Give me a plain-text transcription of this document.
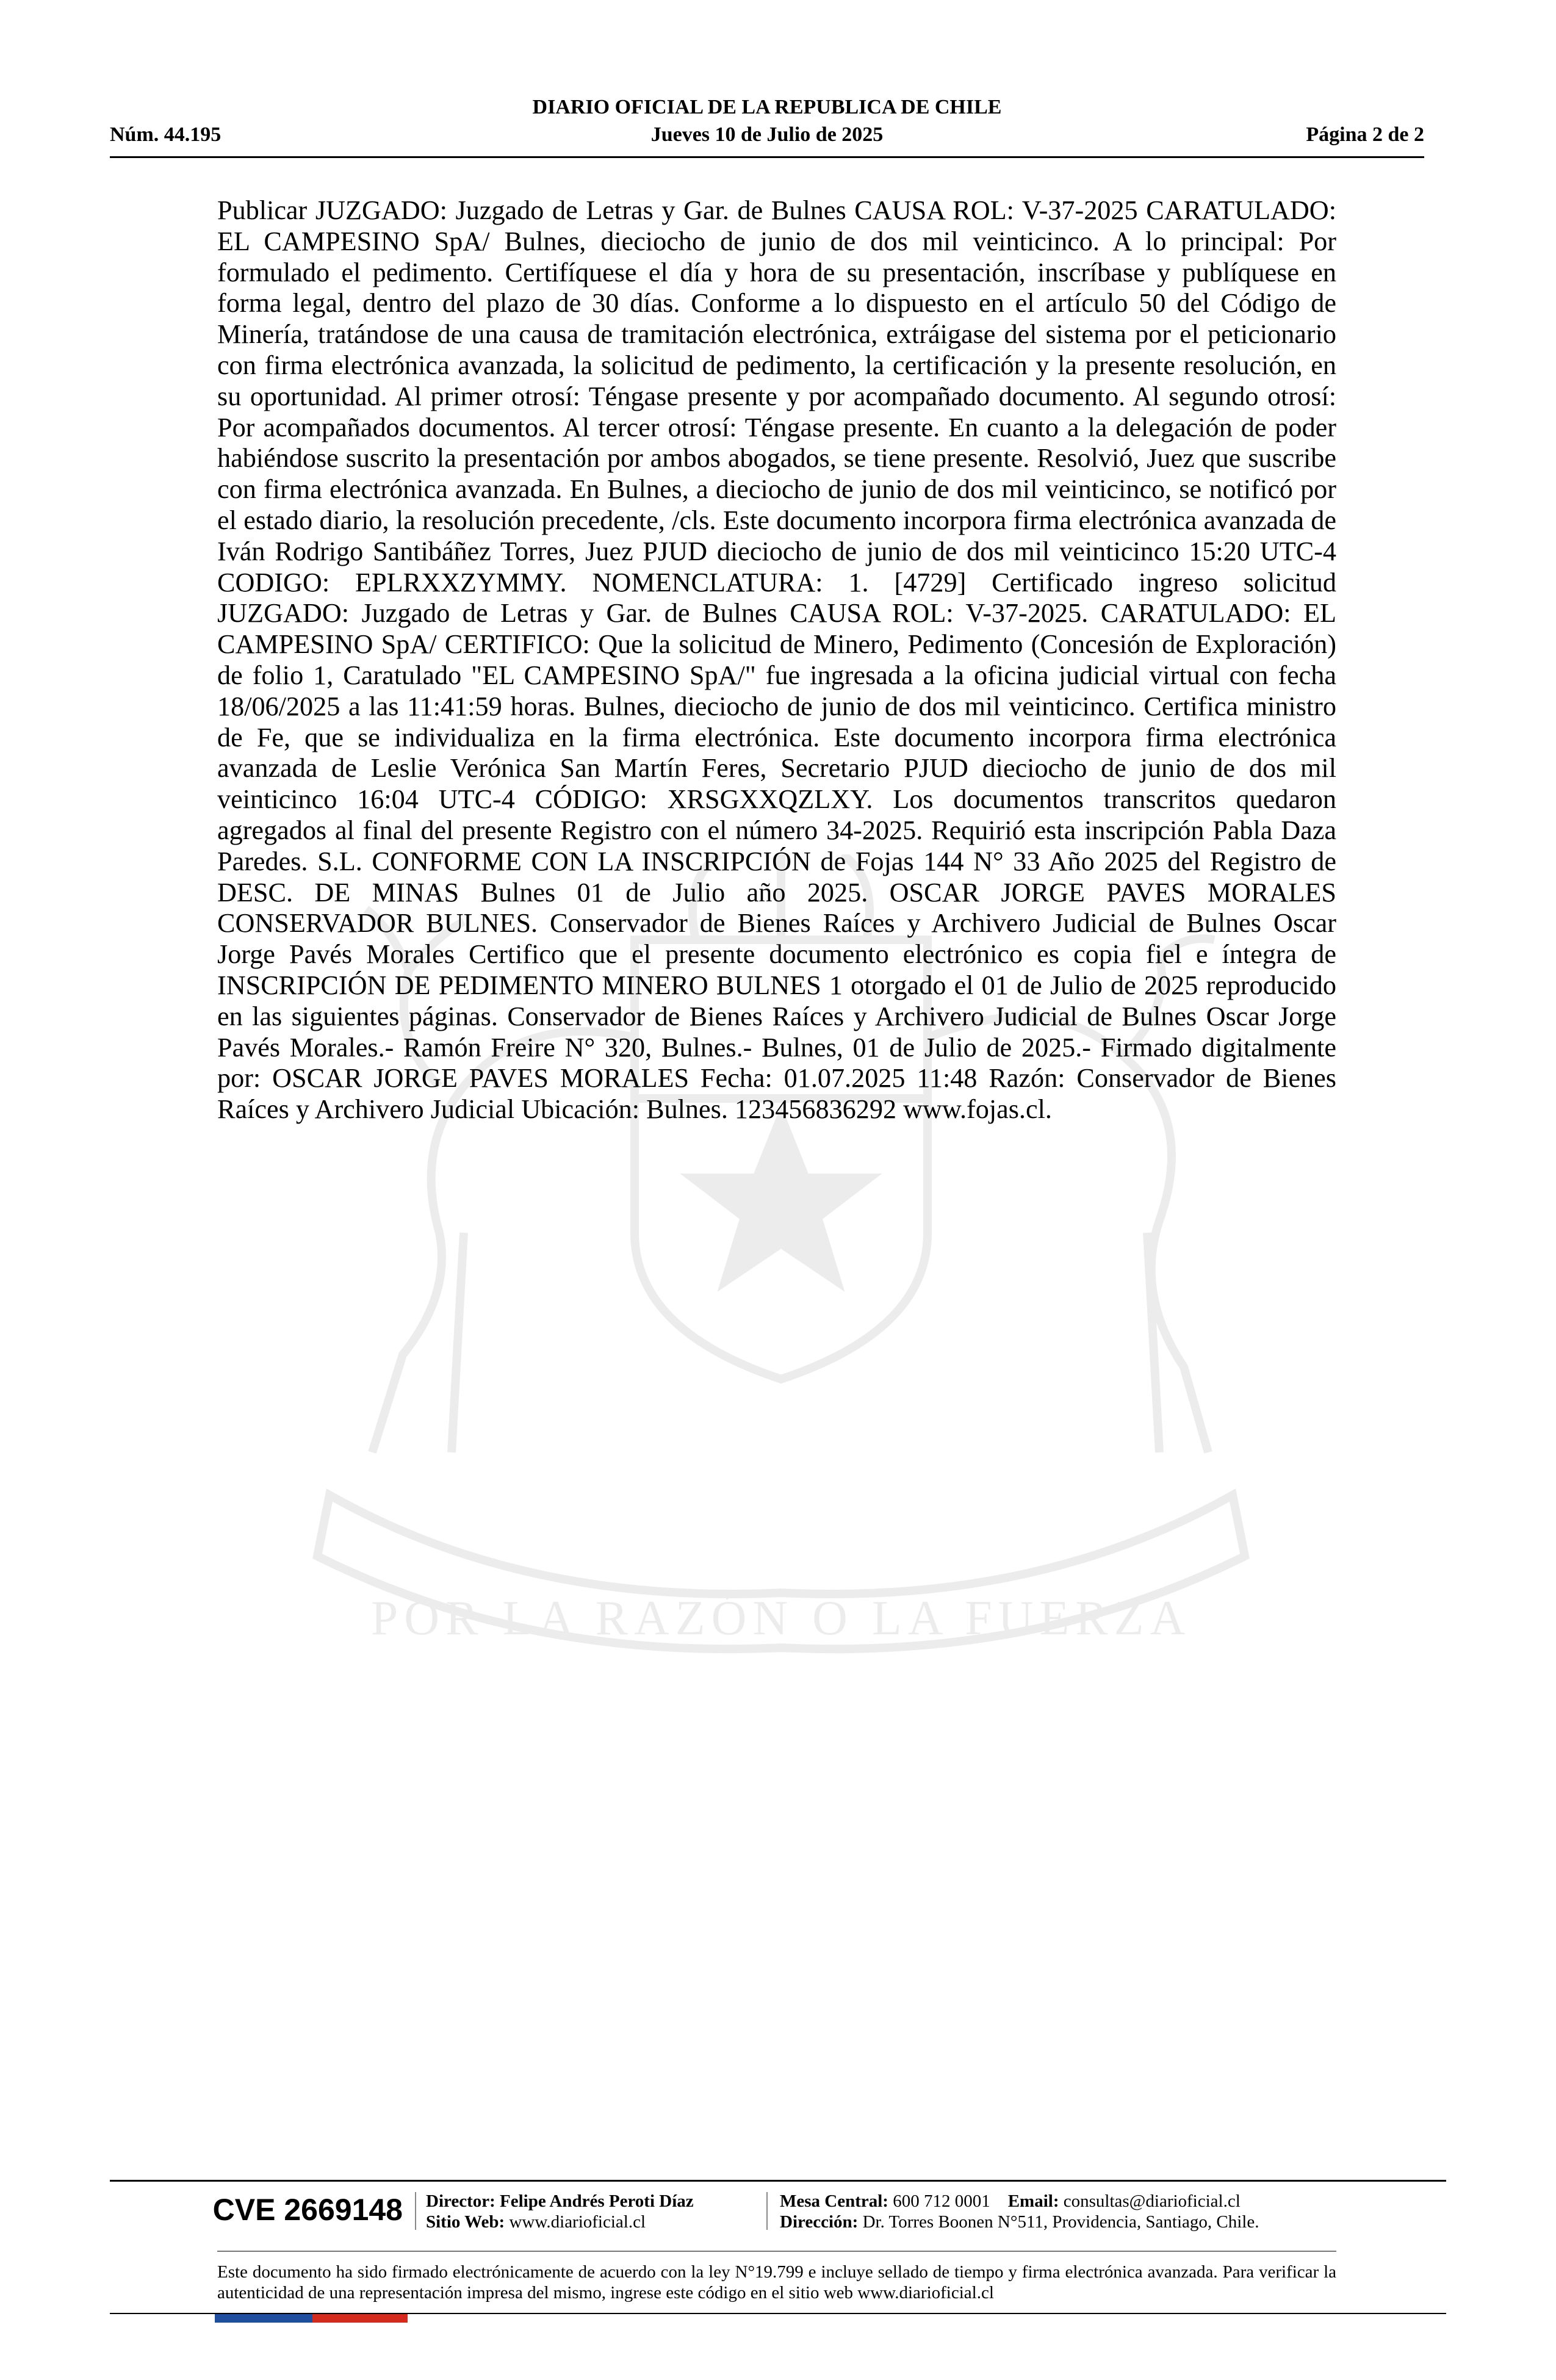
DIARIO OFICIAL DE LA REPUBLICA DE CHILE
Núm. 44.195	Jueves 10 de Julio de 2025	Página 2 de 2
POR LA RAZÓN O LA FUERZA
Publicar JUZGADO: Juzgado de Letras y Gar. de Bulnes CAUSA ROL: V-37-2025 CARATULADO: EL CAMPESINO SpA/ Bulnes, dieciocho de junio de dos mil veinticinco. A lo principal: Por formulado el pedimento. Certifíquese el día y hora de su presentación, inscríbase y publíquese en forma legal, dentro del plazo de 30 días. Conforme a lo dispuesto en el artículo 50 del Código de Minería, tratándose de una causa de tramitación electrónica, extráigase del sistema por el peticionario con firma electrónica avanzada, la solicitud de pedimento, la certificación y la presente resolución, en su oportunidad. Al primer otrosí: Téngase presente y por acompañado documento. Al segundo otrosí: Por acompañados documentos. Al tercer otrosí: Téngase presente. En cuanto a la delegación de poder habiéndose suscrito la presentación por ambos abogados, se tiene presente. Resolvió, Juez que suscribe con firma electrónica avanzada. En Bulnes, a dieciocho de junio de dos mil veinticinco, se notificó por el estado diario, la resolución precedente, /cls. Este documento incorpora firma electrónica avanzada de Iván Rodrigo Santibáñez Torres, Juez PJUD dieciocho de junio de dos mil veinticinco 15:20 UTC-4 CODIGO: EPLRXXZYMMY. NOMENCLATURA: 1. [4729] Certificado ingreso solicitud JUZGADO: Juzgado de Letras y Gar. de Bulnes CAUSA ROL: V-37-2025. CARATULADO: EL CAMPESINO SpA/ CERTIFICO: Que la solicitud de Minero, Pedimento (Concesión de Exploración) de folio 1, Caratulado "EL CAMPESINO SpA/" fue ingresada a la oficina judicial virtual con fecha 18/06/2025 a las 11:41:59 horas. Bulnes, dieciocho de junio de dos mil veinticinco. Certifica ministro de Fe, que se individualiza en la firma electrónica. Este documento incorpora firma electrónica avanzada de Leslie Verónica San Martín Feres, Secretario PJUD dieciocho de junio de dos mil veinticinco 16:04 UTC-4 CÓDIGO: XRSGXXQZLXY. Los documentos transcritos quedaron agregados al final del presente Registro con el número 34-2025. Requirió esta inscripción Pabla Daza Paredes. S.L. CONFORME CON LA INSCRIPCIÓN de Fojas 144 N° 33 Año 2025 del Registro de DESC. DE MINAS Bulnes 01 de Julio año 2025. OSCAR JORGE PAVES MORALES CONSERVADOR BULNES. Conservador de Bienes Raíces y Archivero Judicial de Bulnes Oscar Jorge Pavés Morales Certifico que el presente documento electrónico es copia fiel e íntegra de INSCRIPCIÓN DE PEDIMENTO MINERO BULNES 1 otorgado el 01 de Julio de 2025 reproducido en las siguientes páginas. Conservador de Bienes Raíces y Archivero Judicial de Bulnes Oscar Jorge Pavés Morales.- Ramón Freire N° 320, Bulnes.- Bulnes, 01 de Julio de 2025.- Firmado digitalmente por: OSCAR JORGE PAVES MORALES Fecha: 01.07.2025 11:48 Razón: Conservador de Bienes Raíces y Archivero Judicial Ubicación: Bulnes. 123456836292 www.fojas.cl.
CVE 2669148 Director: Felipe Andrés Peroti Díaz
Sitio Web: www.diarioficial.cl
Mesa Central: 600 712 0001 Email: consultas@diarioficial.cl
Dirección: Dr. Torres Boonen N°511, Providencia, Santiago, Chile.
Este documento ha sido firmado electrónicamente de acuerdo con la ley N°19.799 e incluye sellado de tiempo y firma electrónica avanzada. Para verificar la autenticidad de una representación impresa del mismo, ingrese este código en el sitio web www.diarioficial.cl
